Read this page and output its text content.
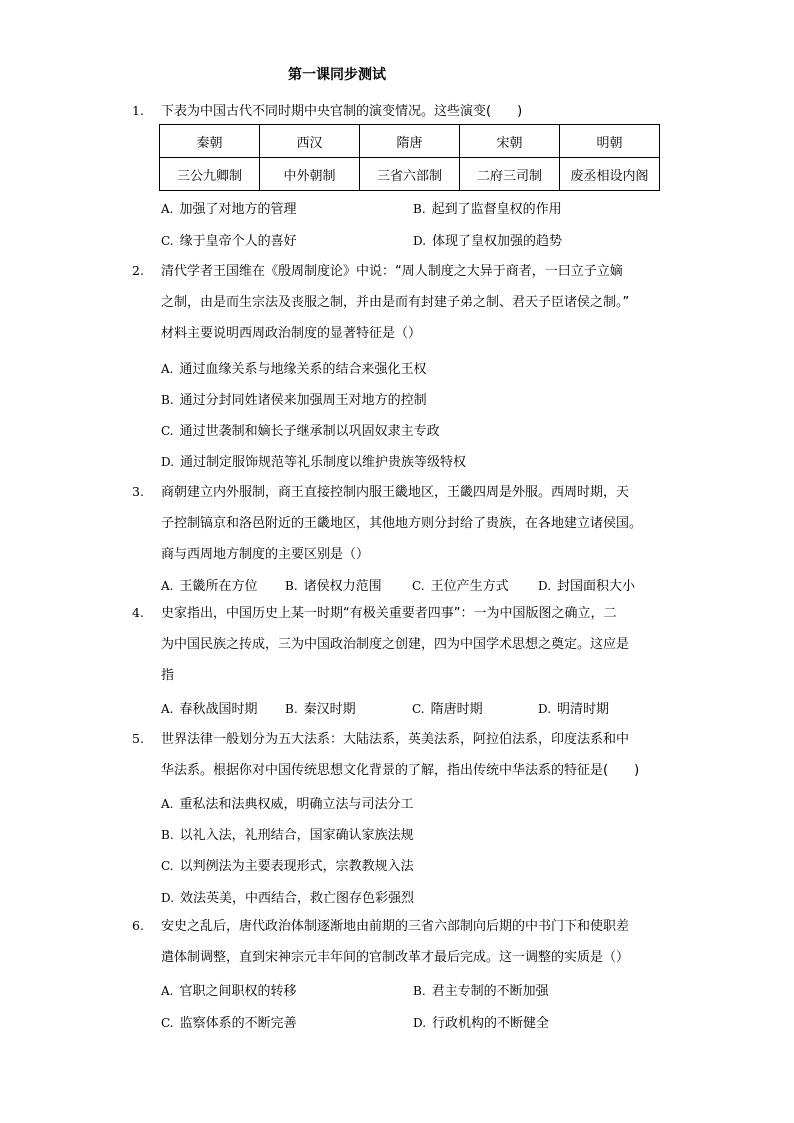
第一课同步测试
1.	下表为中国古代不同时期中央官制的演变情况。这些演变(　　)
秦朝	西汉	隋唐	宋朝	明朝
三公九卿制	中外朝制	三省六部制	二府三司制	废丞相设内阁
A. 加强了对地方的管理	B. 起到了监督皇权的作用
C. 缘于皇帝个人的喜好	D. 体现了皇权加强的趋势
2.	清代学者王国维在《殷周制度论》中说：“周人制度之大异于商者，一曰立子立嫡
之制，由是而生宗法及丧服之制，并由是而有封建子弟之制、君天子臣诸侯之制。”
材料主要说明西周政治制度的显著特征是（）
A. 通过血缘关系与地缘关系的结合来强化王权
B. 通过分封同姓诸侯来加强周王对地方的控制
C. 通过世袭制和嫡长子继承制以巩固奴隶主专政
D. 通过制定服饰规范等礼乐制度以维护贵族等级特权
3.	商朝建立内外服制，商王直接控制内服王畿地区，王畿四周是外服。西周时期，天
子控制镐京和洛邑附近的王畿地区，其他地方则分封给了贵族，在各地建立诸侯国。
商与西周地方制度的主要区别是（）
A. 王畿所在方位 B. 诸侯权力范围	C. 王位产生方式 D. 封国面积大小
4.	史家指出，中国历史上某一时期“有极关重要者四事”：一为中国版图之确立，二
为中国民族之抟成，三为中国政治制度之创建，四为中国学术思想之奠定。这应是
指
A. 春秋战国时期 B. 秦汉时期	C. 隋唐时期	D. 明清时期
5.	世界法律一般划分为五大法系：大陆法系，英美法系，阿拉伯法系，印度法系和中
华法系。根据你对中国传统思想文化背景的了解，指出传统中华法系的特征是(　　)
A. 重私法和法典权威，明确立法与司法分工
B. 以礼入法，礼刑结合，国家确认家族法规
C. 以判例法为主要表现形式，宗教教规入法
D. 效法英美，中西结合，救亡图存色彩强烈
6.	安史之乱后，唐代政治体制逐渐地由前期的三省六部制向后期的中书门下和使职差
遣体制调整，直到宋神宗元丰年间的官制改革才最后完成。这一调整的实质是（）
A. 官职之间职权的转移	B. 君主专制的不断加强
C. 监察体系的不断完善	D. 行政机构的不断健全
